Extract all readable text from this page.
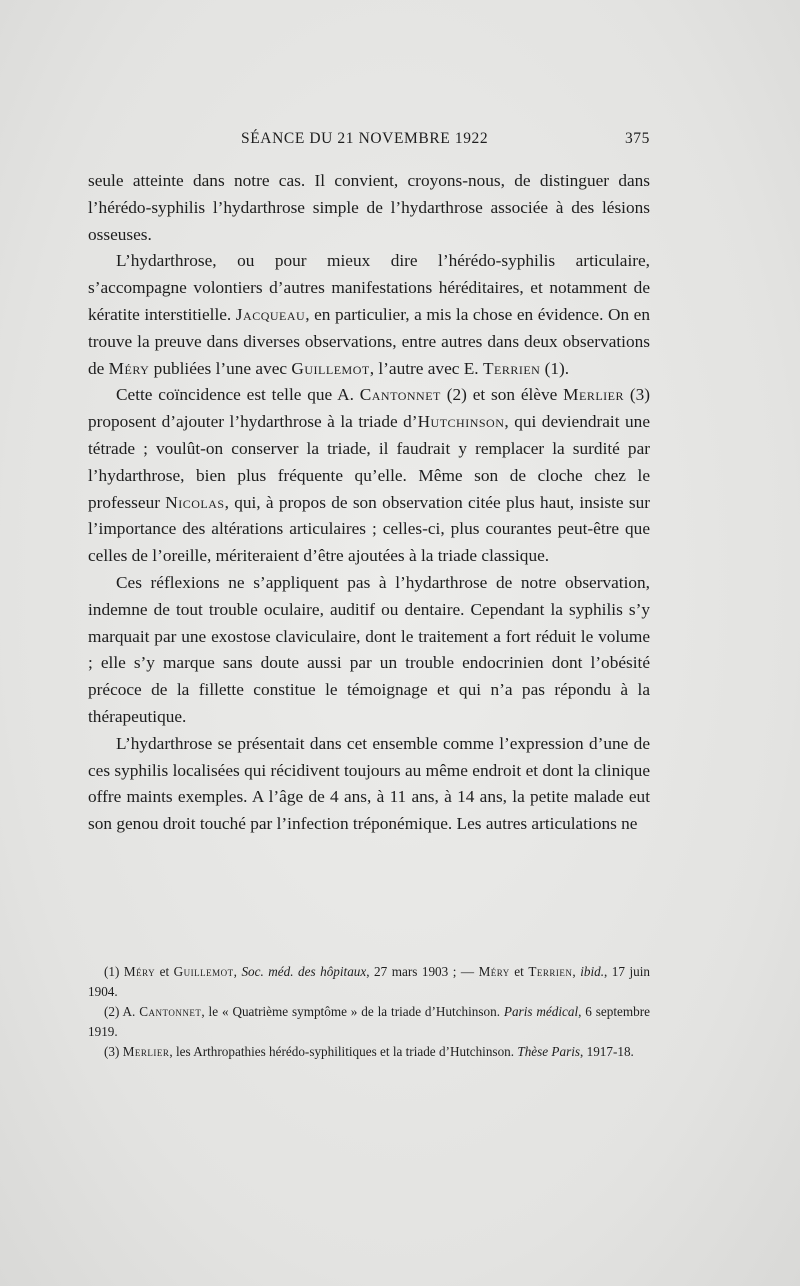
SÉANCE DU 21 NOVEMBRE 1922	375

seule atteinte dans notre cas. Il convient, croyons-nous, de distinguer dans l’hérédo-syphilis l’hydarthrose simple de l’hydarthrose associée à des lésions osseuses.

L’hydarthrose, ou pour mieux dire l’hérédo-syphilis articulaire, s’accompagne volontiers d’autres manifestations héréditaires, et notamment de kératite interstitielle. Jacqueau, en particulier, a mis la chose en évidence. On en trouve la preuve dans diverses observations, entre autres dans deux observations de Méry publiées l’une avec Guillemot, l’autre avec E. Terrien (1).

Cette coïncidence est telle que A. Cantonnet (2) et son élève Merlier (3) proposent d’ajouter l’hydarthrose à la triade d’Hutchinson, qui deviendrait une tétrade ; voulût-on conserver la triade, il faudrait y remplacer la surdité par l’hydarthrose, bien plus fréquente qu’elle. Même son de cloche chez le professeur Nicolas, qui, à propos de son observation citée plus haut, insiste sur l’importance des altérations articulaires ; celles-ci, plus courantes peut-être que celles de l’oreille, mériteraient d’être ajoutées à la triade classique.

Ces réflexions ne s’appliquent pas à l’hydarthrose de notre observation, indemne de tout trouble oculaire, auditif ou dentaire. Cependant la syphilis s’y marquait par une exostose claviculaire, dont le traitement a fort réduit le volume ; elle s’y marque sans doute aussi par un trouble endocrinien dont l’obésité précoce de la fillette constitue le témoignage et qui n’a pas répondu à la thérapeutique.

L’hydarthrose se présentait dans cet ensemble comme l’expression d’une de ces syphilis localisées qui récidivent toujours au même endroit et dont la clinique offre maints exemples. A l’âge de 4 ans, à 11 ans, à 14 ans, la petite malade eut son genou droit touché par l’infection tréponémique. Les autres articulations ne

(1) Méry et Guillemot, Soc. méd. des hôpitaux, 27 mars 1903 ; — Méry et Terrien, ibid., 17 juin 1904.

(2) A. Cantonnet, le « Quatrième symptôme » de la triade d’Hutchinson. Paris médical, 6 septembre 1919.

(3) Merlier, les Arthropathies hérédo-syphilitiques et la triade d’Hutchinson. Thèse Paris, 1917-18.
